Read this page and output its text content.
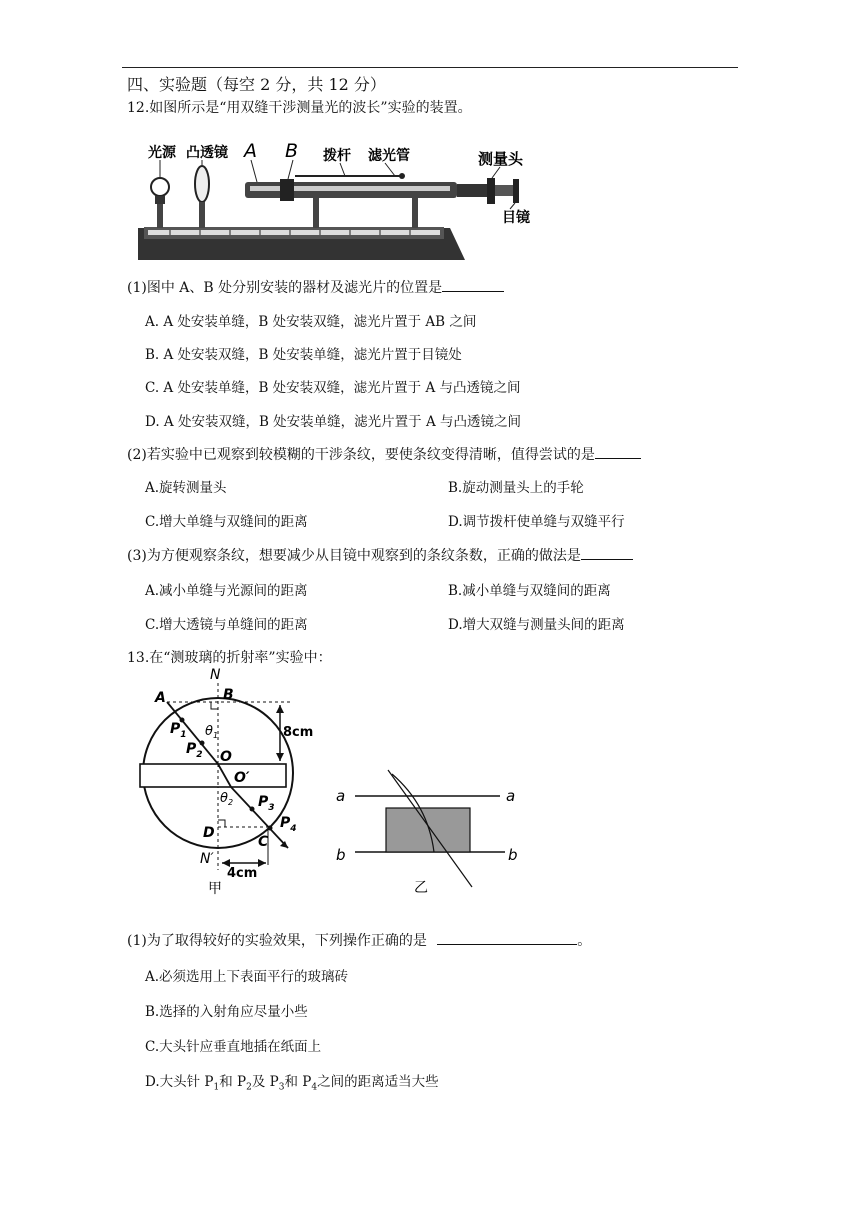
四、实验题（每空 2 分，共 12 分）
12.如图所示是“用双缝干涉测量光的波长”实验的装置。
光源 凸透镜 A B 拨杆 滤光管	测量头
目镜
(1)图中 A、B 处分别安装的器材及滤光片的位置是
A. A 处安装单缝，B 处安装双缝，滤光片置于 AB 之间
B. A 处安装双缝，B 处安装单缝，滤光片置于目镜处
C. A 处安装单缝，B 处安装双缝，滤光片置于 A 与凸透镜之间
D. A 处安装双缝，B 处安装单缝，滤光片置于 A 与凸透镜之间
(2)若实验中已观察到较模糊的干涉条纹，要使条纹变得清晰，值得尝试的是
A.旋转测量头	B.旋动测量头上的手轮
C.增大单缝与双缝间的距离	D.调节拨杆使单缝与双缝平行
(3)为方便观察条纹，想要减少从目镜中观察到的条纹条数，正确的做法是
A.减小单缝与光源间的距离	B.减小单缝与双缝间的距离
C.增大透镜与单缝间的距离	D.增大双缝与测量头间的距离
13.在“测玻璃的折射率”实验中：
N
A	B
8cm
$P_1$
$P_2$
$\theta_1$
O
O′
$\theta_2$ $P_3$
$P_4$
D
C
N′
4cm
甲
a	a
b	b
乙
(1)为了取得较好的实验效果，下列操作正确的是	。
A.必须选用上下表面平行的玻璃砖
B.选择的入射角应尽量小些
C.大头针应垂直地插在纸面上
D.大头针 $P_1$和 $P_2$及 $P_3$和 $P_4$之间的距离适当大些
